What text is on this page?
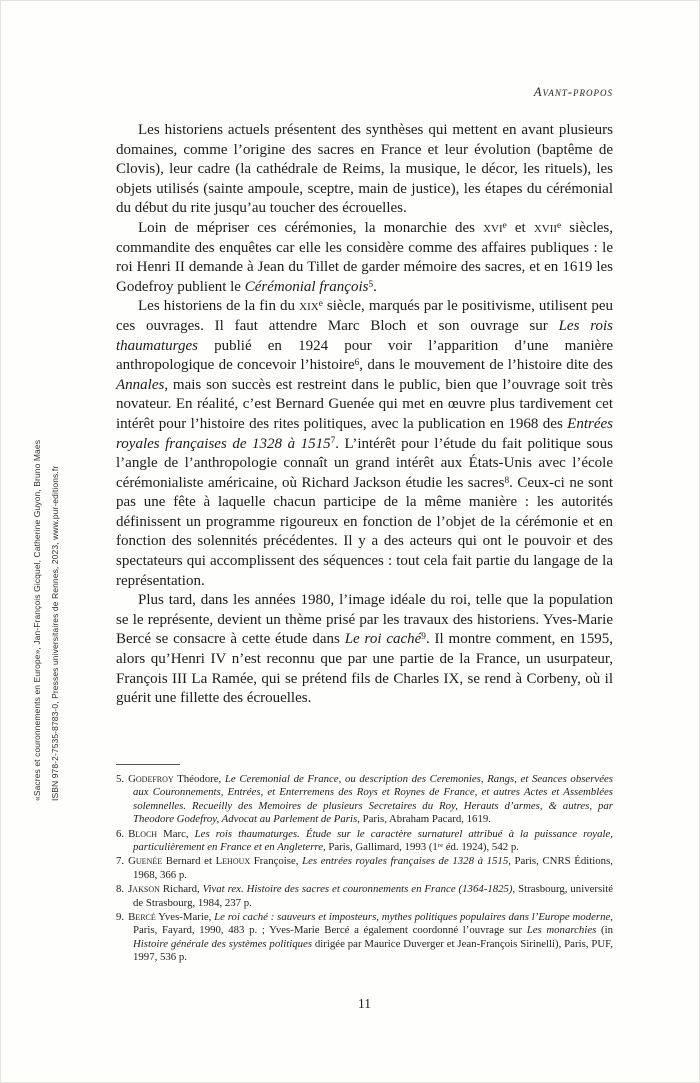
«Sacres et couronnements en Europe», Jan-François Gicquel, Catherine Guyon, Bruno Maes ISBN 978-2-7535-8783-0, Presses universitaires de Rennes, 2023, www.pur-editions.fr
Avant-propos

Les historiens actuels présentent des synthèses qui mettent en avant plusieurs domaines, comme l’origine des sacres en France et leur évolution (baptême de Clovis), leur cadre (la cathédrale de Reims, la musique, le décor, les rituels), les objets utilisés (sainte ampoule, sceptre, main de justice), les étapes du cérémonial du début du rite jusqu’au toucher des écrouelles.

Loin de mépriser ces cérémonies, la monarchie des xvi$^e$ et xvii$^e$ siècles, commandite des enquêtes car elle les considère comme des affaires publiques : le roi Henri II demande à Jean du Tillet de garder mémoire des sacres, et en 1619 les Godefroy publient le Cérémonial françois$^5$.

Les historiens de la fin du xix$^e$ siècle, marqués par le positivisme, utilisent peu ces ouvrages. Il faut attendre Marc Bloch et son ouvrage sur Les rois thaumaturges publié en 1924 pour voir l’apparition d’une manière anthropologique de concevoir l’histoire$^6$, dans le mouvement de l’histoire dite des Annales, mais son succès est restreint dans le public, bien que l’ouvrage soit très novateur. En réalité, c’est Bernard Guenée qui met en œuvre plus tardivement cet intérêt pour l’histoire des rites politiques, avec la publication en 1968 des Entrées royales françaises de 1328 à 1515$^7$. L’intérêt pour l’étude du fait politique sous l’angle de l’anthropologie connaît un grand intérêt aux États-Unis avec l’école cérémonialiste américaine, où Richard Jackson étudie les sacres$^8$. Ceux-ci ne sont pas une fête à laquelle chacun participe de la même manière : les autorités définissent un programme rigoureux en fonction de l’objet de la cérémonie et en fonction des solennités précédentes. Il y a des acteurs qui ont le pouvoir et des spectateurs qui accomplissent des séquences : tout cela fait partie du langage de la représentation.

Plus tard, dans les années 1980, l’image idéale du roi, telle que la population se le représente, devient un thème prisé par les travaux des historiens. Yves-Marie Bercé se consacre à cette étude dans Le roi caché$^9$. Il montre comment, en 1595, alors qu’Henri IV n’est reconnu que par une partie de la France, un usurpateur, François III La Ramée, qui se prétend fils de Charles IX, se rend à Corbeny, où il guérit une fillette des écrouelles.

5. Godefroy Théodore, Le Ceremonial de France, ou description des Ceremonies, Rangs, et Seances observées aux Couronnements, Entrées, et Enterremens des Roys et Roynes de France, et autres Actes et Assemblées solemnelles. Recueilly des Memoires de plusieurs Secretaires du Roy, Herauts d’armes, & autres, par Theodore Godefroy, Advocat au Parlement de Paris, Paris, Abraham Pacard, 1619.
6. Bloch Marc, Les rois thaumaturges. Étude sur le caractère surnaturel attribué à la puissance royale, particulièrement en France et en Angleterre, Paris, Gallimard, 1993 (1re éd. 1924), 542 p.
7. Guenée Bernard et Lehoux Françoise, Les entrées royales françaises de 1328 à 1515, Paris, CNRS Éditions, 1968, 366 p.
8. Jakson Richard, Vivat rex. Histoire des sacres et couronnements en France (1364-1825), Strasbourg, université de Strasbourg, 1984, 237 p.
9. Bercé Yves-Marie, Le roi caché : sauveurs et imposteurs, mythes politiques populaires dans l’Europe moderne, Paris, Fayard, 1990, 483 p. ; Yves-Marie Bercé a également coordonné l’ouvrage sur Les monarchies (in Histoire générale des systèmes politiques dirigée par Maurice Duverger et Jean-François Sirinelli), Paris, PUF, 1997, 536 p.
11
